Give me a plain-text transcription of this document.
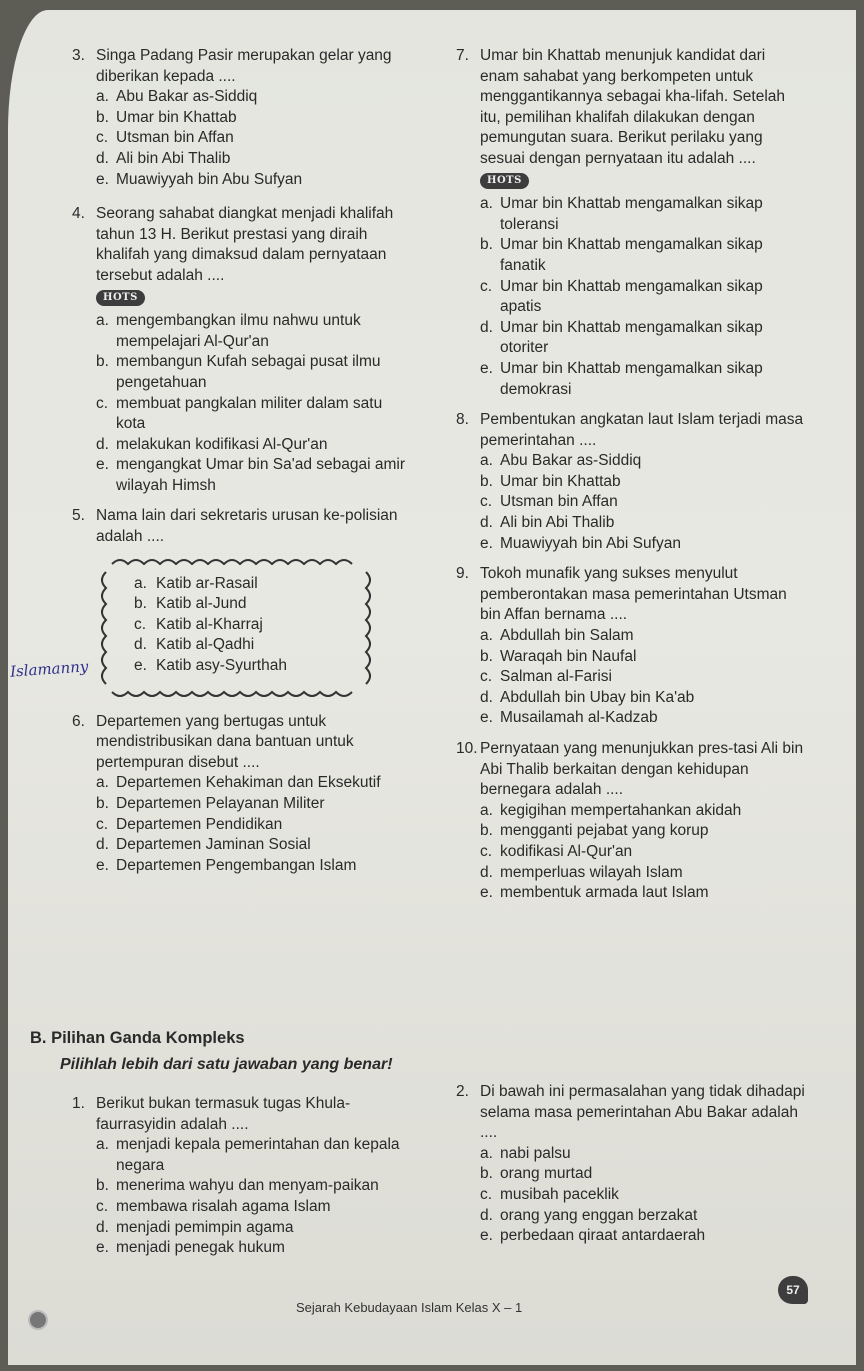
3. Singa Padang Pasir merupakan gelar yang diberikan kepada ....
a. Abu Bakar as-Siddiq
b. Umar bin Khattab
c. Utsman bin Affan
d. Ali bin Abi Thalib
e. Muawiyyah bin Abu Sufyan
4. Seorang sahabat diangkat menjadi khalifah tahun 13 H. Berikut prestasi yang diraih khalifah yang dimaksud dalam pernyataan tersebut adalah ....
HOTS
a. mengembangkan ilmu nahwu untuk mempelajari Al-Qur'an
b. membangun Kufah sebagai pusat ilmu pengetahuan
c. membuat pangkalan militer dalam satu kota
d. melakukan kodifikasi Al-Qur'an
e. mengangkat Umar bin Sa'ad sebagai amir wilayah Himsh
5. Nama lain dari sekretaris urusan ke-polisian adalah ....
a. Katib ar-Rasail
b. Katib al-Jund
c. Katib al-Kharraj
d. Katib al-Qadhi
e. Katib asy-Syurthah
6. Departemen yang bertugas untuk mendistribusikan dana bantuan untuk pertempuran disebut ....
a. Departemen Kehakiman dan Eksekutif
b. Departemen Pelayanan Militer
c. Departemen Pendidikan
d. Departemen Jaminan Sosial
e. Departemen Pengembangan Islam
Islamanny
7. Umar bin Khattab menunjuk kandidat dari enam sahabat yang berkompeten untuk menggantikannya sebagai kha-lifah. Setelah itu, pemilihan khalifah dilakukan dengan pemungutan suara. Berikut perilaku yang sesuai dengan pernyataan itu adalah ....
HOTS
a. Umar bin Khattab mengamalkan sikap toleransi
b. Umar bin Khattab mengamalkan sikap fanatik
c. Umar bin Khattab mengamalkan sikap apatis
d. Umar bin Khattab mengamalkan sikap otoriter
e. Umar bin Khattab mengamalkan sikap demokrasi
8. Pembentukan angkatan laut Islam terjadi masa pemerintahan ....
a. Abu Bakar as-Siddiq
b. Umar bin Khattab
c. Utsman bin Affan
d. Ali bin Abi Thalib
e. Muawiyyah bin Abi Sufyan
9. Tokoh munafik yang sukses menyulut pemberontakan masa pemerintahan Utsman bin Affan bernama ....
a. Abdullah bin Salam
b. Waraqah bin Naufal
c. Salman al-Farisi
d. Abdullah bin Ubay bin Ka'ab
e. Musailamah al-Kadzab
10. Pernyataan yang menunjukkan pres-tasi Ali bin Abi Thalib berkaitan dengan kehidupan bernegara adalah ....
a. kegigihan mempertahankan akidah
b. mengganti pejabat yang korup
c. kodifikasi Al-Qur'an
d. memperluas wilayah Islam
e. membentuk armada laut Islam
B. Pilihan Ganda Kompleks
Pilihlah lebih dari satu jawaban yang benar!
1. Berikut bukan termasuk tugas Khula-faurrasyidin adalah ....
a. menjadi kepala pemerintahan dan kepala negara
b. menerima wahyu dan menyam-paikan
c. membawa risalah agama Islam
d. menjadi pemimpin agama
e. menjadi penegak hukum
2. Di bawah ini permasalahan yang tidak dihadapi selama masa pemerintahan Abu Bakar adalah ....
a. nabi palsu
b. orang murtad
c. musibah paceklik
d. orang yang enggan berzakat
e. perbedaan qiraat antardaerah
57
Sejarah Kebudayaan Islam Kelas X – 1
